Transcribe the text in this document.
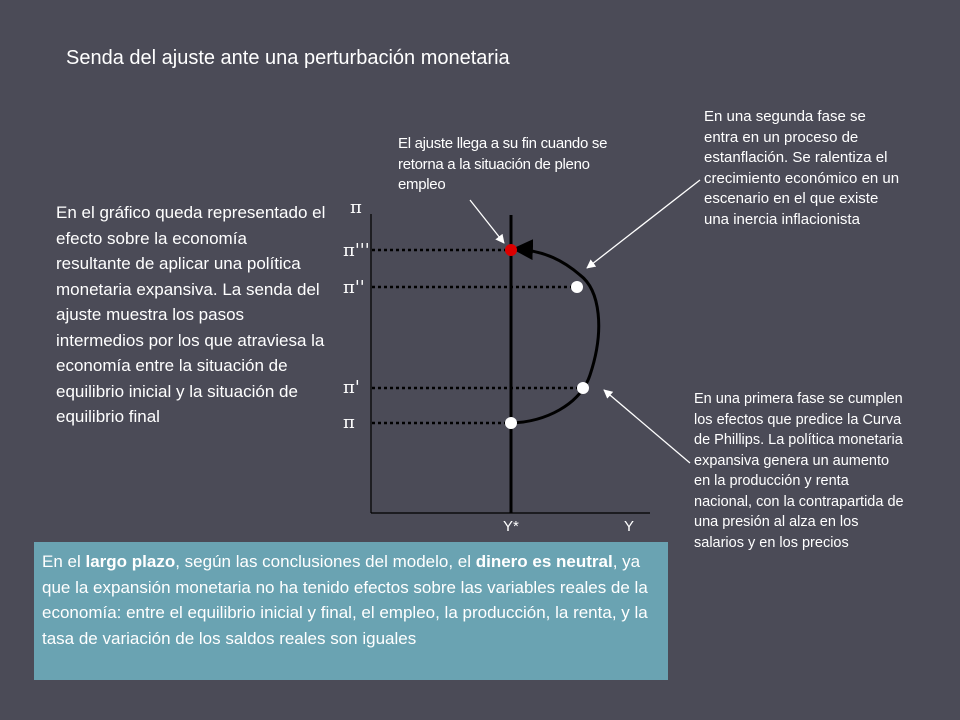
Senda del ajuste ante una perturbación monetaria
En el gráfico queda representado el efecto sobre la economía resultante de aplicar una política monetaria expansiva. La senda del ajuste muestra los pasos intermedios por los que atraviesa la economía entre la situación de equilibrio inicial y la situación de equilibrio final
El ajuste llega a su fin cuando se retorna a la situación de pleno empleo
En una segunda fase se entra en un proceso de estanflación. Se ralentiza el crecimiento económico en un escenario en el que existe una inercia inflacionista
En una primera fase se cumplen los efectos que predice la Curva de Phillips. La política monetaria expansiva genera un aumento en la producción y renta nacional, con la contrapartida de una presión al alza en los salarios y en los precios
π
π'''
π''
π'
π
Y*	Y
En el largo plazo, según las conclusiones del modelo, el dinero es neutral, ya que la expansión monetaria no ha tenido efectos sobre las variables reales de la economía: entre el equilibrio inicial y final, el empleo, la producción, la renta, y la tasa de variación de los saldos reales son iguales
